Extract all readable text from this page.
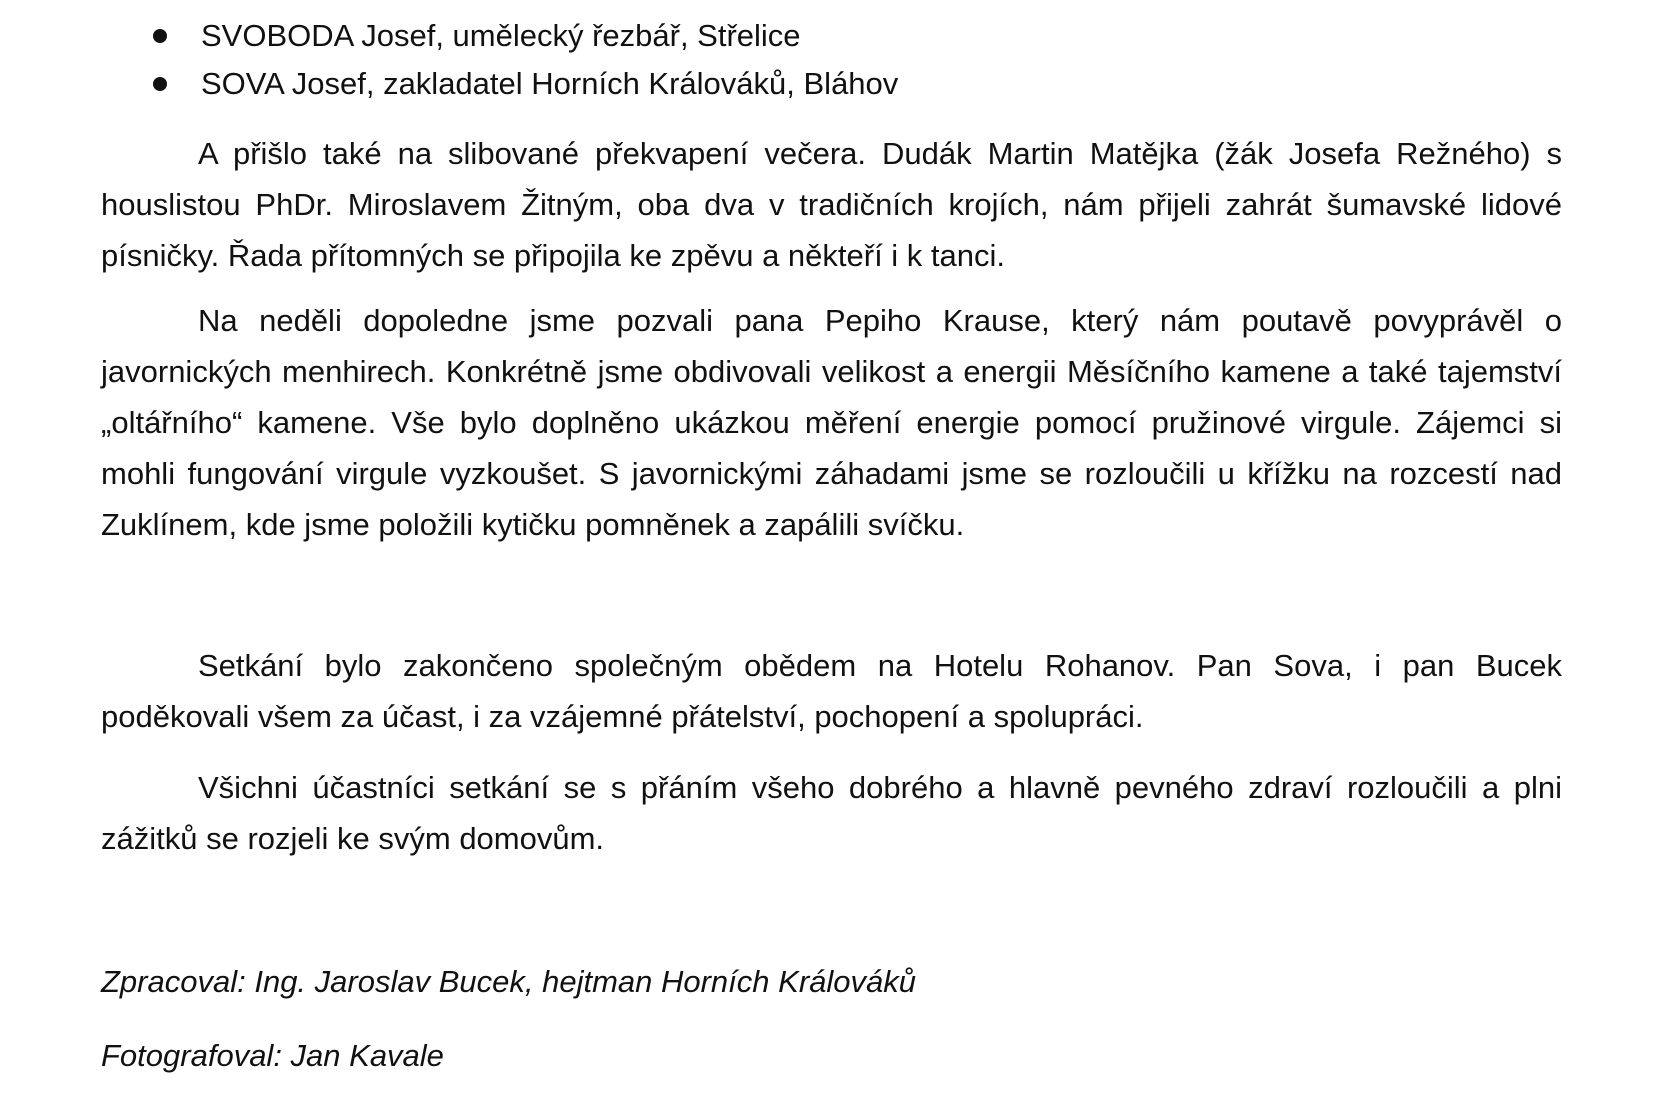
SVOBODA Josef, umělecký řezbář, Střelice
SOVA Josef, zakladatel Horních Králováků, Bláhov

A přišlo také na slibované překvapení večera. Dudák Martin Matějka (žák Josefa Režného) s houslistou PhDr. Miroslavem Žitným, oba dva v tradičních krojích, nám přijeli zahrát šumavské lidové písničky. Řada přítomných se připojila ke zpěvu a někteří i k tanci.

Na neděli dopoledne jsme pozvali pana Pepiho Krause, který nám poutavě povyprávěl o javornických menhirech. Konkrétně jsme obdivovali velikost a energii Měsíčního kamene a také tajemství „oltářního“ kamene. Vše bylo doplněno ukázkou měření energie pomocí pružinové virgule. Zájemci si mohli fungování virgule vyzkoušet. S javornickými záhadami jsme se rozloučili u křížku na rozcestí nad Zuklínem, kde jsme položili kytičku pomněnek a zapálili svíčku.

Setkání bylo zakončeno společným obědem na Hotelu Rohanov. Pan Sova, i pan Bucek poděkovali všem za účast, i za vzájemné přátelství, pochopení a spolupráci.

Všichni účastníci setkání se s přáním všeho dobrého a hlavně pevného zdraví rozloučili a plni zážitků se rozjeli ke svým domovům.

Zpracoval: Ing. Jaroslav Bucek, hejtman Horních Králováků

Fotografoval: Jan Kavale
